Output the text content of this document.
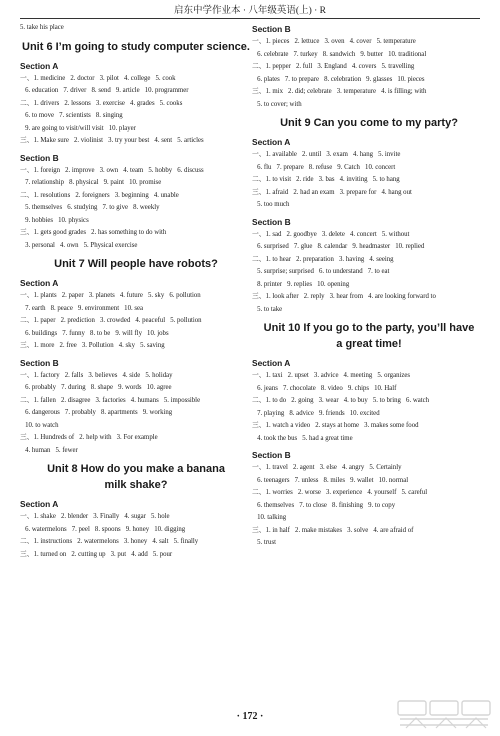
启东中学作业本 · 八年级英语(上) · R
5. take his place
Unit 6 I’m going to study computer science.
Section A
一、1. medicine   2. doctor   3. pilot   4. college   5. cook
6. education   7. driver   8. send   9. article   10. programmer
二、1. drivers   2. lessons   3. exercise   4. grades   5. cooks
6. to move   7. scientists   8. singing
9. are going to visit/will visit   10. player
三、1. Make sure   2. violinist   3. try your best   4. sent   5. articles
Section B
一、1. foreign   2. improve   3. own   4. team   5. hobby   6. discuss
7. relationship   8. physical   9. paint   10. promise
二、1. resolutions   2. foreigners   3. beginning   4. unable
5. themselves   6. studying   7. to give   8. weekly
9. hobbies   10. physics
三、1. gets good grades   2. has something to do with
3. personal   4. own   5. Physical exercise
Unit 7 Will people have robots?
Section A
一、1. plants   2. paper   3. planets   4. future   5. sky   6. pollution
7. earth   8. peace   9. environment   10. sea
二、1. paper   2. prediction   3. crowded   4. peaceful   5. pollution
6. buildings   7. funny   8. to be   9. will fly   10. jobs
三、1. more   2. free   3. Pollution   4. sky   5. saving
Section B
一、1. factory   2. falls   3. believes   4. side   5. holiday
6. probably   7. during   8. shape   9. words   10. agree
二、1. fallen   2. disagree   3. factories   4. humans   5. impossible
6. dangerous   7. probably   8. apartments   9. working
10. to watch
三、1. Hundreds of   2. help with   3. For example
4. human   5. fewer
Unit 8 How do you make a banana
milk shake?
Section A
一、1. shake   2. blender   3. Finally   4. sugar   5. hole
6. watermelons   7. peel   8. spoons   9. honey   10. digging
二、1. instructions   2. watermelons   3. honey   4. salt   5. finally
三、1. turned on   2. cutting up   3. put   4. add   5. pour
Section B
一、1. pieces   2. lettuce   3. oven   4. cover   5. temperature
6. celebrate   7. turkey   8. sandwich   9. butter   10. traditional
二、1. pepper   2. full   3. England   4. covers   5. travelling
6. plates   7. to prepare   8. celebration   9. glasses   10. pieces
三、1. mix   2. did; celebrate   3. temperature   4. is filling; with
5. to cover; with
Unit 9 Can you come to my party?
Section A
一、1. available   2. until   3. exam   4. hang   5. invite
6. flu   7. prepare   8. refuse   9. Catch   10. concert
二、1. to visit   2. ride   3. bas   4. inviting   5. to hang
三、1. afraid   2. had an exam   3. prepare for   4. hang out
5. too much
Section B
一、1. sad   2. goodbye   3. delete   4. concert   5. without
6. surprised   7. glue   8. calendar   9. headmaster   10. replied
二、1. to hear   2. preparation   3. having   4. seeing
5. surprise; surprised   6. to understand   7. to eat
8. printer   9. replies   10. opening
三、1. look after   2. reply   3. hear from   4. are looking forward to
5. to take
Unit 10 If you go to the party, you’ll have
a great time!
Section A
一、1. taxi   2. upset   3. advice   4. meeting   5. organizes
6. jeans   7. chocolate   8. video   9. chips   10. Half
二、1. to do   2. going   3. wear   4. to buy   5. to bring   6. watch
7. playing   8. advice   9. friends   10. excited
三、1. watch a video   2. stays at home   3. makes some food
4. took the bus   5. had a great time
Section B
一、1. travel   2. agent   3. else   4. angry   5. Certainly
6. teenagers   7. unless   8. miles   9. wallet   10. normal
二、1. worries   2. worse   3. experience   4. yourself   5. careful
6. themselves   7. to close   8. finishing   9. to copy
10. talking
三、1. in half   2. make mistakes   3. solve   4. are afraid of
5. trust
· 172 ·
